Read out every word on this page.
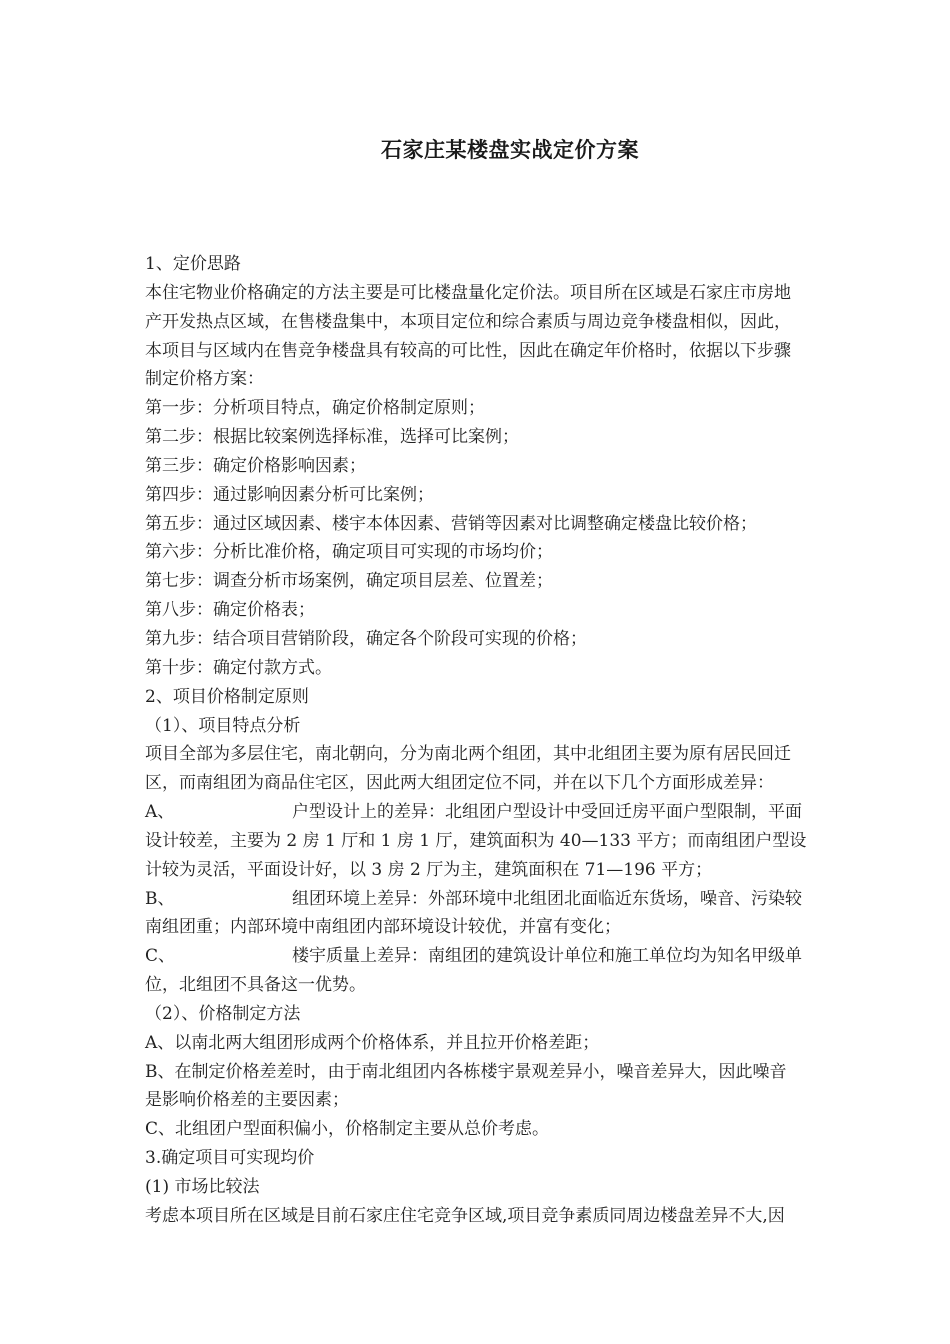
石家庄某楼盘实战定价方案
1、定价思路
本住宅物业价格确定的方法主要是可比楼盘量化定价法。项目所在区域是石家庄市房地
产开发热点区域，在售楼盘集中，本项目定位和综合素质与周边竞争楼盘相似，因此，
本项目与区域内在售竞争楼盘具有较高的可比性，因此在确定年价格时，依据以下步骤
制定价格方案：
第一步：分析项目特点，确定价格制定原则；
第二步：根据比较案例选择标准，选择可比案例；
第三步：确定价格影响因素；
第四步：通过影响因素分析可比案例；
第五步：通过区域因素、楼宇本体因素、营销等因素对比调整确定楼盘比较价格；
第六步：分析比准价格，确定项目可实现的市场均价；
第七步：调查分析市场案例，确定项目层差、位置差；
第八步：确定价格表；
第九步：结合项目营销阶段，确定各个阶段可实现的价格；
第十步：确定付款方式。
2、项目价格制定原则
（1）、项目特点分析
项目全部为多层住宅，南北朝向，分为南北两个组团，其中北组团主要为原有居民回迁
区，而南组团为商品住宅区，因此两大组团定位不同，并在以下几个方面形成差异：
A、	户型设计上的差异：北组团户型设计中受回迁房平面户型限制，平面
设计较差，主要为 2 房 1 厅和 1 房 1 厅，建筑面积为 40—133 平方；而南组团户型设
计较为灵活，平面设计好，以 3 房 2 厅为主，建筑面积在 71—196 平方；
B、	组团环境上差异：外部环境中北组团北面临近东货场，噪音、污染较
南组团重；内部环境中南组团内部环境设计较优，并富有变化；
C、	楼宇质量上差异：南组团的建筑设计单位和施工单位均为知名甲级单
位，北组团不具备这一优势。
（2）、价格制定方法
A、以南北两大组团形成两个价格体系，并且拉开价格差距；
B、在制定价格差差时，由于南北组团内各栋楼宇景观差异小，噪音差异大，因此噪音
是影响价格差的主要因素；
C、北组团户型面积偏小，价格制定主要从总价考虑。
3.确定项目可实现均价
(1) 市场比较法
考虑本项目所在区域是目前石家庄住宅竞争区域,项目竞争素质同周边楼盘差异不大,因
